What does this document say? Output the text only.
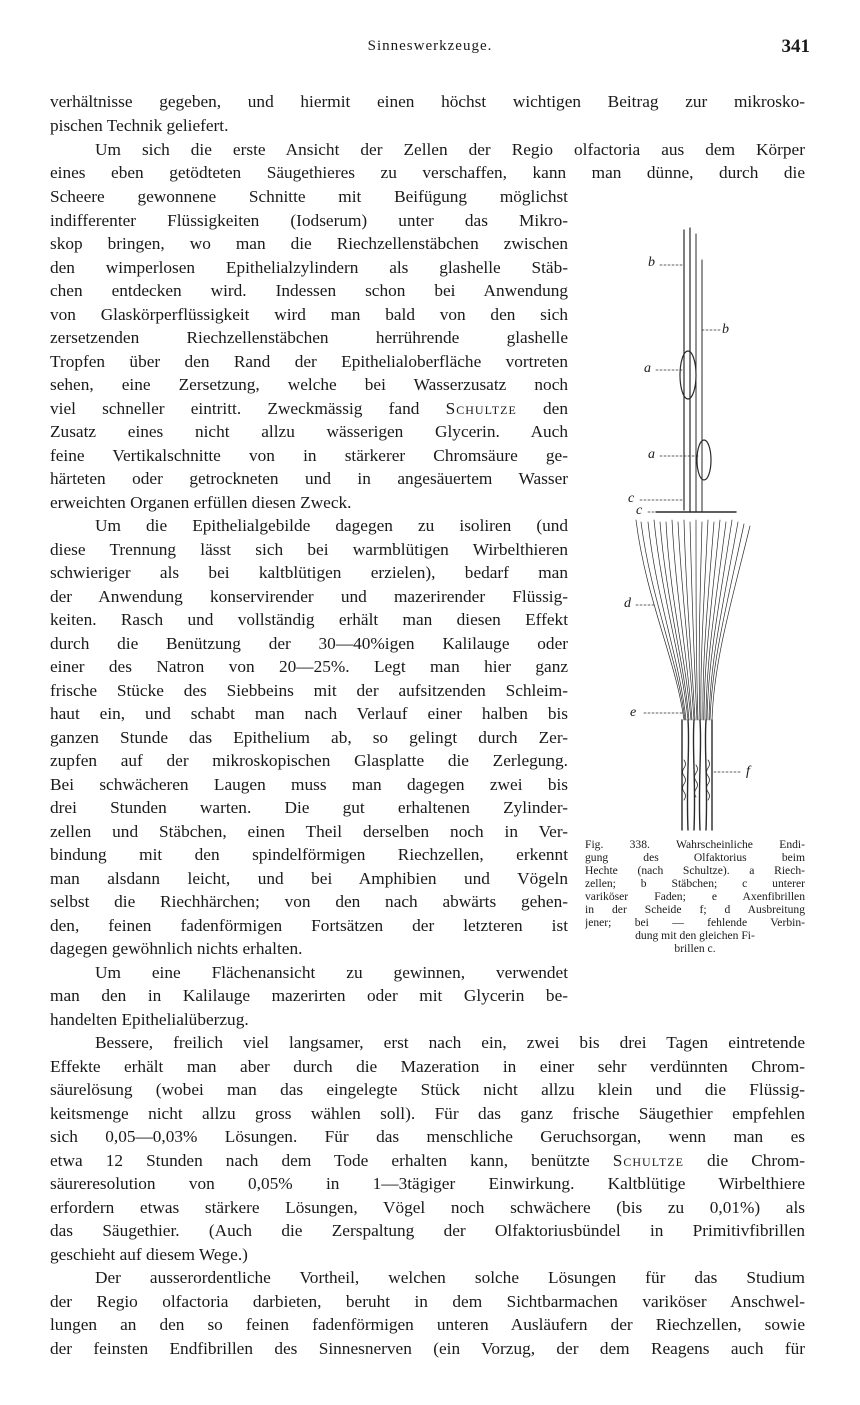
Sinneswerkzeuge.	341
verhältnisse gegeben, und hiermit einen höchst wichtigen Beitrag zur mikrosko-
pischen Technik geliefert.
Um sich die erste Ansicht der Zellen der Regio olfactoria aus dem Körper
eines eben getödteten Säugethieres zu verschaffen, kann man dünne, durch die
Scheere gewonnene Schnitte mit Beifügung möglichst
indifferenter Flüssigkeiten (Iodserum) unter das Mikro-
skop bringen, wo man die Riechzellenstäbchen zwischen
den wimperlosen Epithelialzylindern als glashelle Stäb-
chen entdecken wird. Indessen schon bei Anwendung
von Glaskörperflüssigkeit wird man bald von den sich
zersetzenden Riechzellenstäbchen herrührende glashelle
Tropfen über den Rand der Epithelialoberfläche vortreten
sehen, eine Zersetzung, welche bei Wasserzusatz noch
viel schneller eintritt. Zweckmässig fand Schultze den
Zusatz eines nicht allzu wässerigen Glycerin. Auch
feine Vertikalschnitte von in stärkerer Chromsäure ge-
härteten oder getrockneten und in angesäuertem Wasser
erweichten Organen erfüllen diesen Zweck.
Um die Epithelialgebilde dagegen zu isoliren (und
diese Trennung lässt sich bei warmblütigen Wirbelthieren
schwieriger als bei kaltblütigen erzielen), bedarf man
der Anwendung konservirender und mazerirender Flüssig-
keiten. Rasch und vollständig erhält man diesen Effekt
durch die Benützung der 30—40%igen Kalilauge oder
einer des Natron von 20—25%. Legt man hier ganz
frische Stücke des Siebbeins mit der aufsitzenden Schleim-
haut ein, und schabt man nach Verlauf einer halben bis
ganzen Stunde das Epithelium ab, so gelingt durch Zer-
zupfen auf der mikroskopischen Glasplatte die Zerlegung.
Bei schwächeren Laugen muss man dagegen zwei bis
drei Stunden warten. Die gut erhaltenen Zylinder-
zellen und Stäbchen, einen Theil derselben noch in Ver-
bindung mit den spindelförmigen Riechzellen, erkennt
man alsdann leicht, und bei Amphibien und Vögeln
selbst die Riechhärchen; von den nach abwärts gehen-
den, feinen fadenförmigen Fortsätzen der letzteren ist
dagegen gewöhnlich nichts erhalten.
Um eine Flächenansicht zu gewinnen, verwendet
man den in Kalilauge mazerirten oder mit Glycerin be-
handelten Epithelialüberzug.
Bessere, freilich viel langsamer, erst nach ein, zwei bis drei Tagen eintretende
Effekte erhält man aber durch die Mazeration in einer sehr verdünnten Chrom-
säurelösung (wobei man das eingelegte Stück nicht allzu klein und die Flüssig-
keitsmenge nicht allzu gross wählen soll). Für das ganz frische Säugethier empfehlen
sich 0,05—0,03% Lösungen. Für das menschliche Geruchsorgan, wenn man es
etwa 12 Stunden nach dem Tode erhalten kann, benützte Schultze die Chrom-
säureresolution von 0,05% in 1—3tägiger Einwirkung. Kaltblütige Wirbelthiere
erfordern etwas stärkere Lösungen, Vögel noch schwächere (bis zu 0,01%) als
das Säugethier. (Auch die Zerspaltung der Olfaktoriusbündel in Primitivfibrillen
geschieht auf diesem Wege.)
Der ausserordentliche Vortheil, welchen solche Lösungen für das Studium
der Regio olfactoria darbieten, beruht in dem Sichtbarmachen variköser Anschwel-
lungen an den so feinen fadenförmigen unteren Ausläufern der Riechzellen, sowie
der feinsten Endfibrillen des Sinnesnerven (ein Vorzug, der dem Reagens auch für
b
b
a
a
c
c
d
e
f
Fig. 338. Wahrscheinliche Endi-
gung des Olfaktorius beim
Hechte (nach Schultze). a Riech-
zellen; b Stäbchen; c unterer
variköser Faden; e Axenfibrillen
in der Scheide f; d Ausbreitung
jener; bei — fehlende Verbin-
dung mit den gleichen Fi-
brillen c.
